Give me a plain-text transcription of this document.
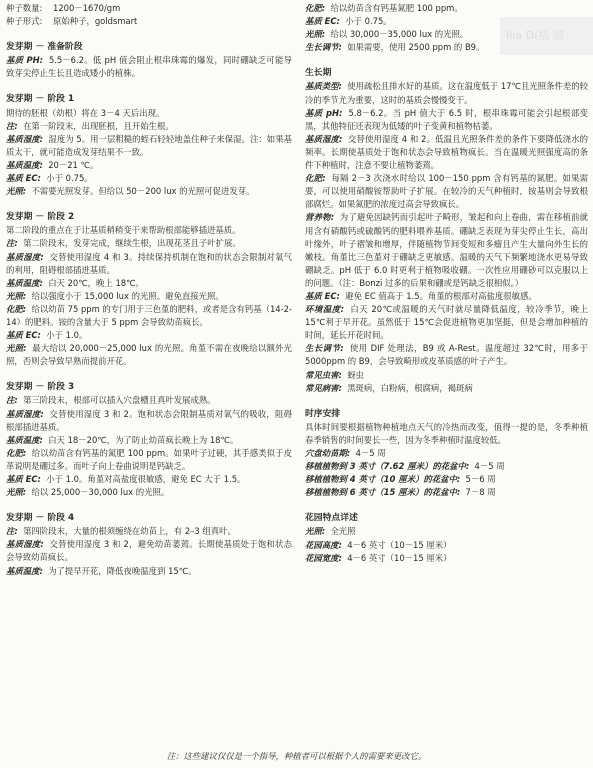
Ilia D(括 培

种子数量: 1200－1670/gm

种子形式: 原始种子，goldsmart

发芽期 － 准备阶段

基质 PH: 5.5－6.2。低 pH 值会阻止根串珠霉的爆发，同时硼缺乏可能导致芽尖停止生长且造成矮小的植株。

发芽期 － 阶段 1

期待的胚根（幼根）将在 3－4 天后出现。

注: 在第一阶段末，出现胚根，且开始生根。

基质湿度: 湿度为 5。用一层粗糙的蛭石轻轻地盖住种子来保湿。注：如果基质太干，就可能造成发芽结果不一致。

基质温度: 20－21 ℃。

基质 EC: 小于 0.75。

光照: 不需要光照发芽。但给以 50－200 lux 的光照可促进发芽。

发芽期 － 阶段 2

第二阶段的重点在于让基质稍稍变干来帮助根部能够插进基质。

注: 第二阶段末，发芽完成，继续生根，出现花茎且子叶扩展。

基质湿度: 交替使用湿度 4 和 3。持续保持机制在饱和的状态会限制对氧气的利用，阻碍根部插进基质。

基质温度: 白天 20℃，晚上 18℃。

光照: 给以强度小于 15,000 lux 的光照。避免直接光照。

化肥: 给以幼苗 75 ppm 的专门用于三色堇的肥料，或者是含有钙基（14-2-14）的肥料。铵的含量大于 5 ppm 会导致幼苗疯长。

基质 EC: 小于 1.0。

光照: 最大给以 20,000－25,000 lux 的光照。角堇不需在夜晚给以额外光照，否则会导致早熟而提前开花。

发芽期 － 阶段 3

注: 第三阶段末，根部可以插入穴盘槽且真叶发展成熟。

基质湿度: 交替使用湿度 3 和 2。饱和状态会限制基质对氧气的吸收，阻碍根部插进基质。

基质温度: 白天 18－20℃，为了防止幼苗疯长晚上为 18℃。

化肥: 给以幼苗含有钙基的氮肥 100 ppm。如果叶子过硬，其手感类似于皮革说明是硼过多。而叶子向上卷曲说明是钙缺乏。

基质 EC: 小于 1.0。角堇对高盐度很敏感，避免 EC 大于 1.5。

光照: 给以 25,000－30,000 lux 的光照。

发芽期 － 阶段 4

注: 第四阶段末，大量的根须缠绕在幼苗上，有 2–3 组真叶。

基质湿度: 交替使用湿度 3 和 2，避免幼苗萎蔫。长期使基质处于饱和状态会导致幼苗疯长。

基质温度: 为了提早开花，降低夜晚温度到 15℃。

化肥: 给以幼苗含有钙基氮肥 100 ppm。

基质 EC: 小于 0.75。

光照: 给以 30,000－35,000 lux 的光照。

生长调节: 如果需要，使用 2500 ppm 的 B9。

生长期

基质类型: 使用疏松且排水好的基质。这在温度低于 17℃且光照条件差的较冷的季节尤为重要，这时的基质会慢慢变干。

基质 pH: 5.8－6.2。当 pH 值大于 6.5 时，根串珠霉可能会引起根部变黑，其他特征还表现为低矮的叶子变黄和植物枯萎。

基质湿度: 交替使用湿度 4 和 2。低温且光照条件差的条件下要降低浇水的频率。长期使基质处于饱和状态会导致植物疯长。当在温暖光照强度高的条件下种植时，注意不要让植物萎蔫。

化肥: 每隔 2－3 次浇水时给以 100－150 ppm 含有钙基的氮肥。如果需要，可以使用硝酸铵帮助叶子扩展。在较冷的天气种植时，铵基则会导致根部腐烂。如果氮肥的浓度过高会导致疯长。

营养物: 为了避免因缺钙而引起叶子畸形，皱起和向上卷曲，需在移植前就用含有硝酸钙或硫酸钙的肥料喂养基质。硼缺乏表现为芽尖停止生长，高出叶缘外，叶子褶皱和增厚，伴随植物节间变短和多瘤且产生大量向外生长的嫩枝。角堇比三色堇对于硼缺乏更敏感。温暖的天气下频繁地浇水更易导致硼缺乏。pH 低于 6.0 时更利于植物吸收硼。一次性应用硼砂可以克服以上的问题。（注：Bonzi 过多的后果和硼或是钙缺乏很相似。）

基质 EC: 避免 EC 值高于 1.5。角堇的根部对高盐度很敏感。

环境温度: 白天 20℃或温暖的天气时就尽量降低温度，较冷季节，晚上 15℃利于早开花。虽然低于 15℃会促进植物更加坚挺，但是会增加种植的时间，延长开花时间。

生长调节: 使用 DIF 处理法，B9 或 A-Rest。温度超过 32℃时，用多于 5000ppm 的 B9，会导致畸形或皮革质感的叶子产生。

常见虫害: 蚜虫

常见病害: 黑斑病，白粉病，根腐病，褐斑病

时序安排

具体时间要根据植物种植地点天气的冷热而改变，值得一提的是，冬季种植春季销售的时间要长一些，因为冬季种植时温度较低。

穴盘幼苗期: 4－5 周

移植植物到 3 英寸（7.62 厘米）的花盆中: 4－5 周

移植植物到 4 英寸（10 厘米）的花盆中: 5－6 周

移植植物到 6 英寸（15 厘米）的花盆中: 7－8 周

花园特点详述

光照: 全光照

花园高度: 4－6 英寸（10－15 厘米）

花园宽度: 4－6 英寸（10－15 厘米）

注：这些建议仅仅是一个指导，种植者可以根据个人的需要来更改它。
